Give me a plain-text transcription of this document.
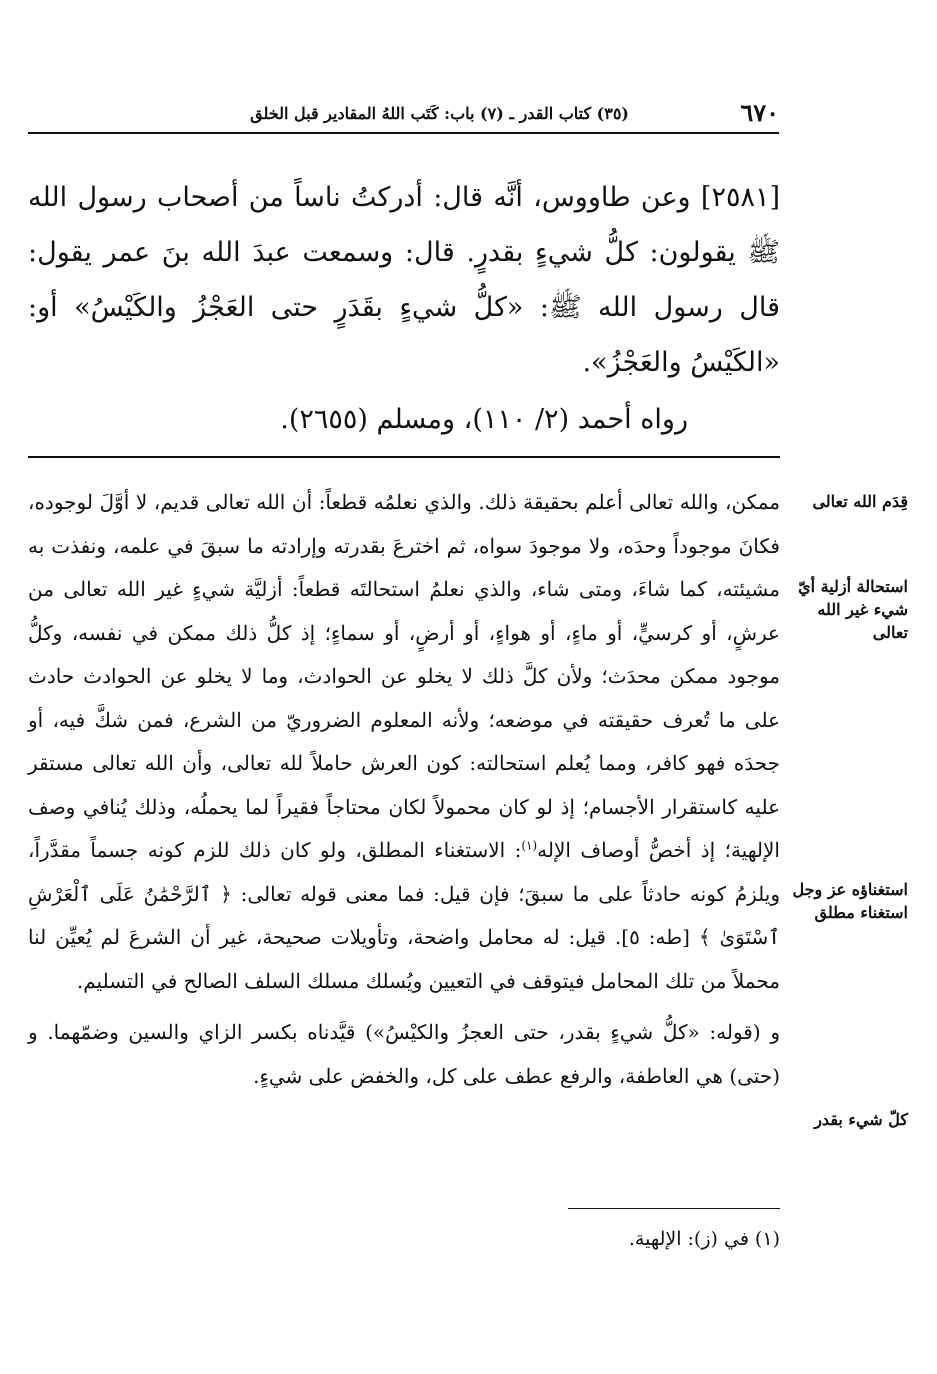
٦٧٠
(٣٥) كتاب القدر ـ (٧) باب: كَتَب اللهُ المقادير قبل الخلق

[٢٥٨١] وعن طاووس، أنَّه قال: أدركتُ ناساً من أصحاب رسول الله ﷺ يقولون: كلُّ شيءٍ بقدرٍ. قال: وسمعت عبدَ الله بنَ عمر يقول: قال رسول الله ﷺ: «كلُّ شيءٍ بقَدَرٍ حتى العَجْزُ والكَيْسُ» أو: «الكَيْسُ والعَجْزُ».

رواه أحمد (٢/ ١١٠)، ومسلم (٢٦٥٥).

قِدَم الله تعالى
استحالة أزلية أيّ شيء غير الله تعالى
استغناؤه عز وجل استغناء مطلق
كلّ شيء بقدر

ممكن، والله تعالى أعلم بحقيقة ذلك. والذي نعلمُه قطعاً: أن الله تعالى قديم، لا أوَّلَ لوجوده، فكانَ موجوداً وحدَه، ولا موجودَ سواه، ثم اخترعَ بقدرته وإرادته ما سبقَ في علمه، ونفذت به مشيئته، كما شاءَ، ومتى شاء، والذي نعلمُ استحالتَه قطعاً: أزليَّة شيءٍ غير الله تعالى من عرشٍ، أو كرسيٍّ، أو ماءٍ، أو هواءٍ، أو أرضٍ، أو سماءٍ؛ إذ كلُّ ذلك ممكن في نفسه، وكلُّ موجود ممكن محدَث؛ ولأن كلَّ ذلك لا يخلو عن الحوادث، وما لا يخلو عن الحوادث حادث على ما تُعرف حقيقته في موضعه؛ ولأنه المعلوم الضروريّ من الشرع، فمن شكَّ فيه، أو جحدَه فهو كافر، ومما يُعلم استحالته: كون العرش حاملاً لله تعالى، وأن الله تعالى مستقر عليه كاستقرار الأجسام؛ إذ لو كان محمولاً لكان محتاجاً فقيراً لما يحملُه، وذلك يُنافي وصف الإلهية؛ إذ أخصُّ أوصاف الإله$^{(١)}$: الاستغناء المطلق، ولو كان ذلك للزم كونه جسماً مقدَّراً، ويلزمُ كونه حادثاً على ما سبقَ؛ فإن قيل: فما معنى قوله تعالى: ﴿ ٱلرَّحْمَٰنُ عَلَى ٱلْعَرْشِ ٱسْتَوَىٰ ﴾ [طه: ٥]. قيل: له محامل واضحة، وتأويلات صحيحة، غير أن الشرعَ لم يُعيِّن لنا محملاً من تلك المحامل فيتوقف في التعيين ويُسلك مسلك السلف الصالح في التسليم.

و (قوله: «كلُّ شيءٍ بقدر، حتى العجزُ والكيْسُ») قيَّدناه بكسر الزاي والسين وضمّهما. و (حتى) هي العاطفة، والرفع عطف على كل، والخفض على شيءٍ.

(١) في (ز): الإلهية.
